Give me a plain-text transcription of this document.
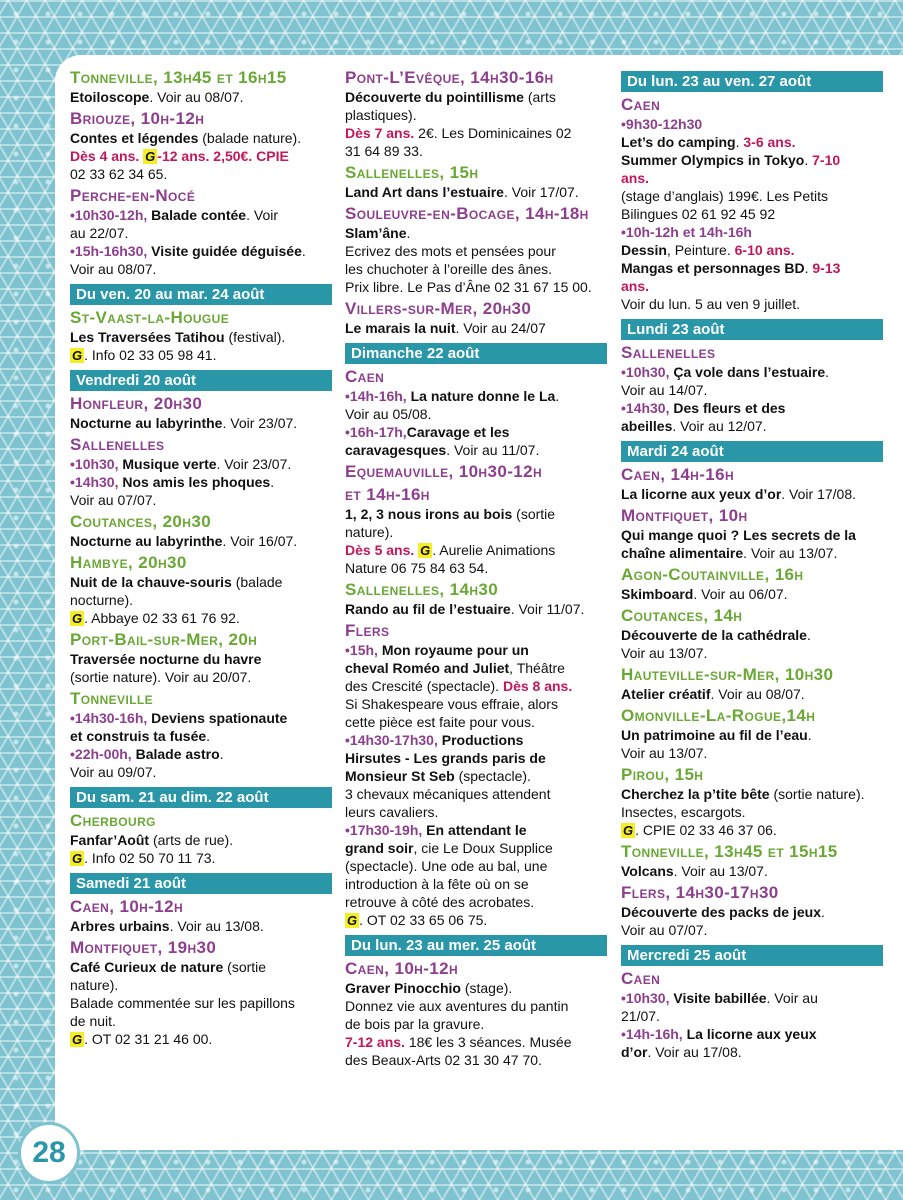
Tonneville, 13h45 et 16h15
Etoiloscope. Voir au 08/07.
Briouze, 10h-12h
Contes et légendes (balade nature).
Dès 4 ans. G -12 ans. 2,50€. CPIE
02 33 62 34 65.
Perche-en-Nocé
•10h30-12h, Balade contée. Voir
au 22/07.
•15h-16h30, Visite guidée déguisée.
Voir au 08/07.
Du ven. 20 au mar. 24 août
St-Vaast-la-Hougue
Les Traversées Tatihou (festival).
G . Info 02 33 05 98 41.
Vendredi 20 août
Honfleur, 20h30
Nocturne au labyrinthe. Voir 23/07.
Sallenelles
•10h30, Musique verte. Voir 23/07.
•14h30, Nos amis les phoques.
Voir au 07/07.
Coutances, 20h30
Nocturne au labyrinthe. Voir 16/07.
Hambye, 20h30
Nuit de la chauve-souris (balade
nocturne).
G . Abbaye 02 33 61 76 92.
Port-Bail-sur-Mer, 20h
Traversée nocturne du havre
(sortie nature). Voir au 20/07.
Tonneville
•14h30-16h, Deviens spationaute
et construis ta fusée.
•22h-00h, Balade astro.
Voir au 09/07.
Du sam. 21 au dim. 22 août
Cherbourg
Fanfar’Août (arts de rue).
G . Info 02 50 70 11 73.
Samedi 21 août
Caen, 10h-12h
Arbres urbains. Voir au 13/08.
Montfiquet, 19h30
Café Curieux de nature (sortie
nature).
Balade commentée sur les papillons
de nuit.
G . OT 02 31 21 46 00.
Pont-L’Evêque, 14h30-16h
Découverte du pointillisme (arts
plastiques).
Dès 7 ans. 2€. Les Dominicaines 02
31 64 89 33.
Sallenelles, 15h
Land Art dans l’estuaire. Voir 17/07.
Souleuvre-en-Bocage, 14h-18h
Slam’âne.
Ecrivez des mots et pensées pour
les chuchoter à l’oreille des ânes.
Prix libre. Le Pas d’Âne 02 31 67 15 00.
Villers-sur-Mer, 20h30
Le marais la nuit. Voir au 24/07
Dimanche 22 août
Caen
•14h-16h, La nature donne le La.
Voir au 05/08.
•16h-17h,Caravage et les
caravagesques. Voir au 11/07.
Equemauville, 10h30-12h
et 14h-16h
1, 2, 3 nous irons au bois (sortie
nature).
Dès 5 ans. G . Aurelie Animations
Nature 06 75 84 63 54.
Sallenelles, 14h30
Rando au fil de l’estuaire. Voir 11/07.
Flers
•15h, Mon royaume pour un
cheval Roméo and Juliet, Théâtre
des Crescité (spectacle). Dès 8 ans.
Si Shakespeare vous effraie, alors
cette pièce est faite pour vous.
•14h30-17h30, Productions
Hirsutes - Les grands paris de
Monsieur St Seb (spectacle).
3 chevaux mécaniques attendent
leurs cavaliers.
•17h30-19h, En attendant le
grand soir, cie Le Doux Supplice
(spectacle). Une ode au bal, une
introduction à la fête où on se
retrouve à côté des acrobates.
G . OT 02 33 65 06 75.
Du lun. 23 au mer. 25 août
Caen, 10h-12h
Graver Pinocchio (stage).
Donnez vie aux aventures du pantin
de bois par la gravure.
7-12 ans. 18€ les 3 séances. Musée
des Beaux-Arts 02 31 30 47 70.
Du lun. 23 au ven. 27 août
Caen
•9h30-12h30
Let’s do camping. 3-6 ans.
Summer Olympics in Tokyo. 7-10
ans.
(stage d’anglais) 199€. Les Petits
Bilingues 02 61 92 45 92
•10h-12h et 14h-16h
Dessin, Peinture. 6-10 ans.
Mangas et personnages BD. 9-13
ans.
Voir du lun. 5 au ven 9 juillet.
Lundi 23 août
Sallenelles
•10h30, Ça vole dans l’estuaire.
Voir au 14/07.
•14h30, Des fleurs et des
abeilles. Voir au 12/07.
Mardi 24 août
Caen, 14h-16h
La licorne aux yeux d’or. Voir 17/08.
Montfiquet, 10h
Qui mange quoi ? Les secrets de la
chaîne alimentaire. Voir au 13/07.
Agon-Coutainville, 16h
Skimboard. Voir au 06/07.
Coutances, 14h
Découverte de la cathédrale.
Voir au 13/07.
Hauteville-sur-Mer, 10h30
Atelier créatif. Voir au 08/07.
Omonville-La-Rogue,14h
Un patrimoine au fil de l’eau.
Voir au 13/07.
Pirou, 15h
Cherchez la p’tite bête (sortie nature).
Insectes, escargots.
G . CPIE 02 33 46 37 06.
Tonneville, 13h45 et 15h15
Volcans. Voir au 13/07.
Flers, 14h30-17h30
Découverte des packs de jeux.
Voir au 07/07.
Mercredi 25 août
Caen
•10h30, Visite babillée. Voir au
21/07.
•14h-16h, La licorne aux yeux
d’or. Voir au 17/08.
28
